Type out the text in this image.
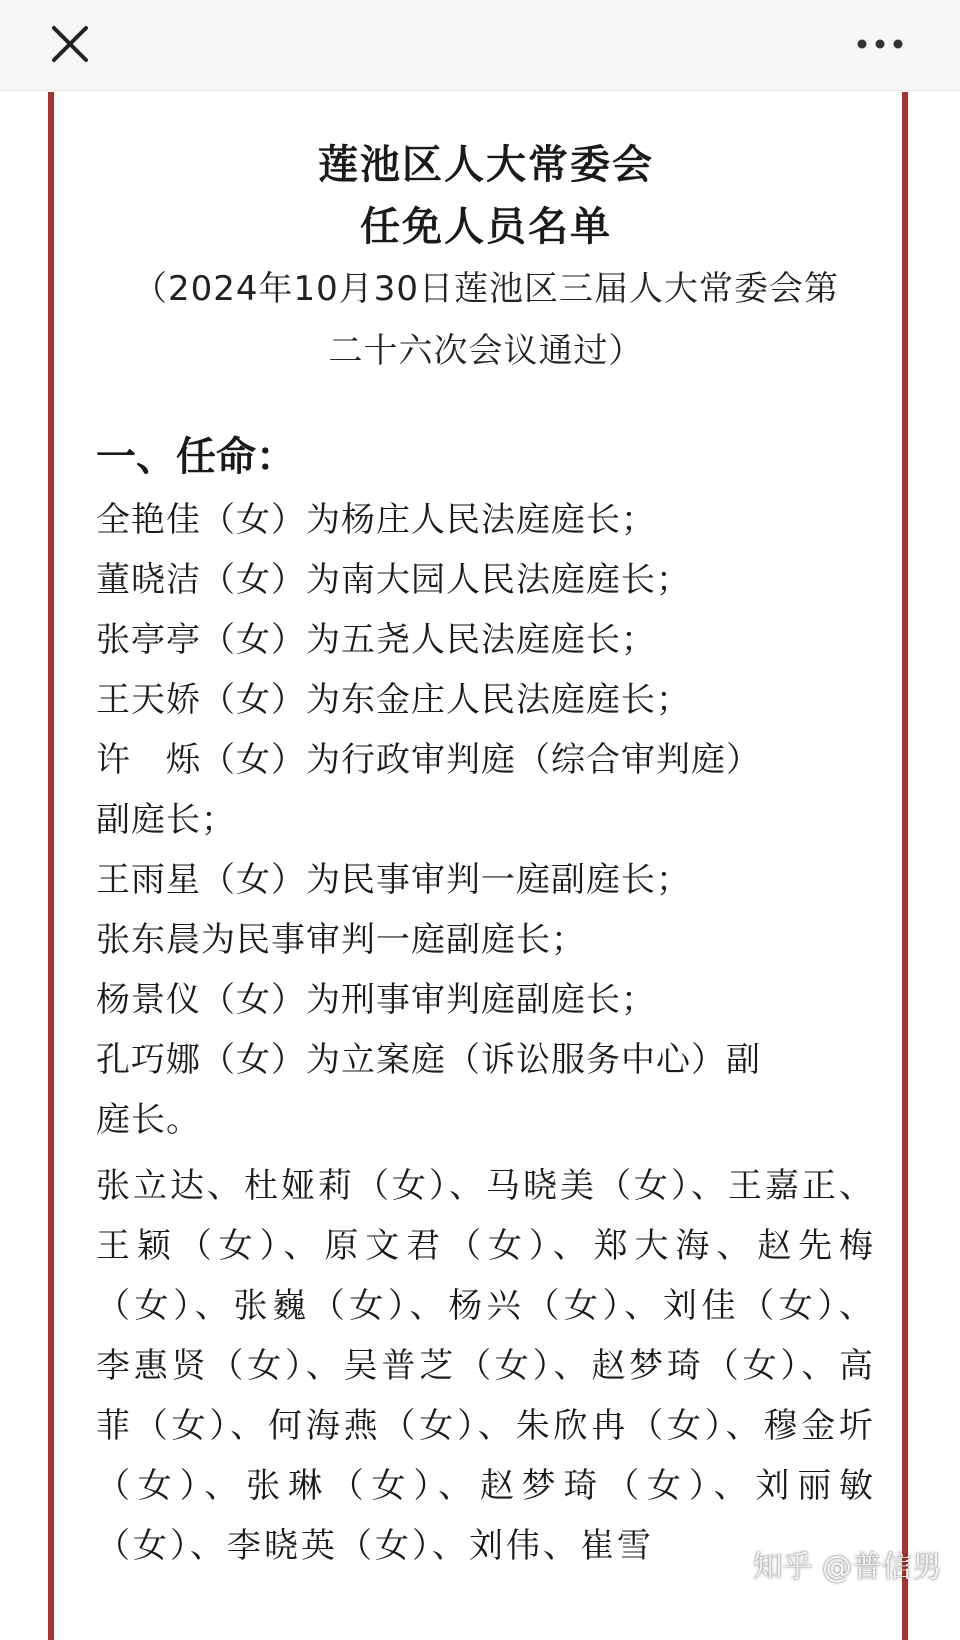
莲池区人大常委会
任免人员名单
（2024年10月30日莲池区三届人大常委会第
二十六次会议通过）
一、任命：
全艳佳（女）为杨庄人民法庭庭长；
董晓洁（女）为南大园人民法庭庭长；
张亭亭（女）为五尧人民法庭庭长；
王天娇（女）为东金庄人民法庭庭长；
许　烁（女）为行政审判庭（综合审判庭）
副庭长；
王雨星（女）为民事审判一庭副庭长；
张东晨为民事审判一庭副庭长；
杨景仪（女）为刑事审判庭副庭长；
孔巧娜（女）为立案庭（诉讼服务中心）副
庭长。
张立达、杜娅莉（女）、马晓美（女）、王嘉正、王颖（女）、原文君（女）、郑大海、赵先梅（女）、张巍（女）、杨兴（女）、刘佳（女）、李惠贤（女）、吴普芝（女）、赵梦琦（女）、高菲（女）、何海燕（女）、朱欣冉（女）、穆金圻（女）、张琳（女）、赵梦琦（女）、刘丽敏（女）、李晓英（女）、刘伟、崔雪
知乎 @普信男
